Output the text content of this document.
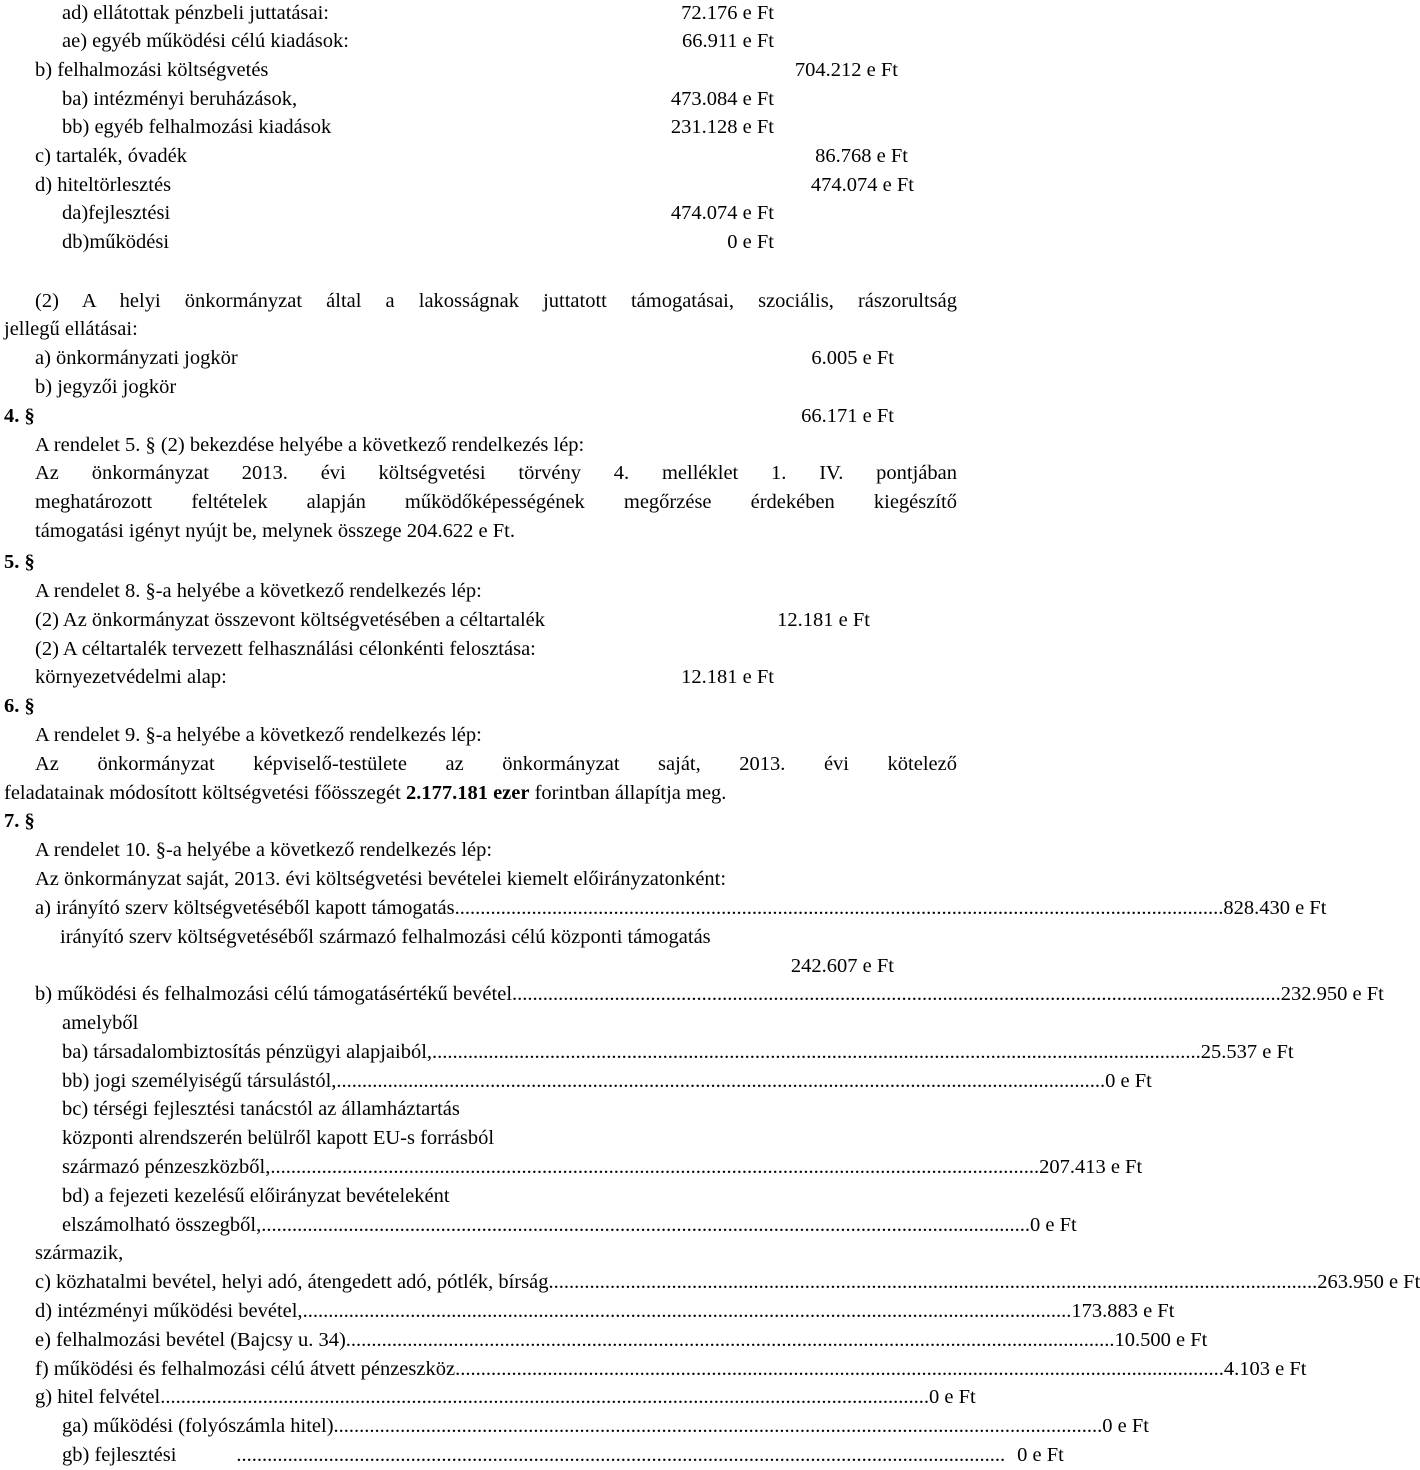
ad) ellátottak pénzbeli juttatásai:	72.176 e Ft
ae) egyéb működési célú kiadások:	66.911 e Ft
b) felhalmozási költségvetés	704.212 e Ft
ba) intézményi beruházások,	473.084 e Ft
bb) egyéb felhalmozási kiadások	231.128 e Ft
c) tartalék, óvadék	86.768 e Ft
d) hiteltörlesztés	474.074 e Ft
da)fejlesztési	474.074 e Ft
db)működési	0 e Ft
(2) A helyi önkormányzat által a lakosságnak juttatott támogatásai, szociális, rászorultság
jellegű ellátásai:
a) önkormányzati jogkör	6.005 e Ft
b) jegyzői jogkör
4. §	66.171 e Ft
A rendelet 5. § (2) bekezdése helyébe a következő rendelkezés lép:
Az önkormányzat 2013. évi költségvetési törvény 4. melléklet 1. IV. pontjában
meghatározott feltételek alapján működőképességének megőrzése érdekében kiegészítő
támogatási igényt nyújt be, melynek összege 204.622 e Ft.
5. §
A rendelet 8. §-a helyébe a következő rendelkezés lép:
(2) Az önkormányzat összevont költségvetésében a céltartalék	12.181 e Ft
(2) A céltartalék tervezett felhasználási célonkénti felosztása:
környezetvédelmi alap:	12.181 e Ft
6. §
A rendelet 9. §-a helyébe a következő rendelkezés lép:
Az önkormányzat képviselő-testülete az önkormányzat saját, 2013. évi kötelező
feladatainak módosított költségvetési főösszegét 2.177.181 ezer forintban állapítja meg.
7. §
A rendelet 10. §-a helyébe a következő rendelkezés lép:
Az önkormányzat saját, 2013. évi költségvetési bevételei kiemelt előirányzatonként:
a) irányító szerv költségvetéséből kapott támogatás ...................................................................................................................................................... 828.430 e Ft
irányító szerv költségvetéséből származó felhalmozási célú központi támogatás
242.607 e Ft
b) működési és felhalmozási célú támogatásértékű bevétel ...................................................................................................................................................... 232.950 e Ft
amelyből
ba) társadalombiztosítás pénzügyi alapjaiból, ...................................................................................................................................................... 25.537 e Ft
bb) jogi személyiségű társulástól, ...................................................................................................................................................... 0 e Ft
bc) térségi fejlesztési tanácstól az államháztartás
központi alrendszerén belülről kapott EU-s forrásból
származó pénzeszközből, ...................................................................................................................................................... 207.413 e Ft
bd) a fejezeti kezelésű előirányzat bevételeként
elszámolható összegből, ...................................................................................................................................................... 0 e Ft
származik,
c) közhatalmi bevétel, helyi adó, átengedett adó, pótlék, bírság ...................................................................................................................................................... 263.950 e Ft
d) intézményi működési bevétel, ...................................................................................................................................................... 173.883 e Ft
e) felhalmozási bevétel (Bajcsy u. 34) ...................................................................................................................................................... 10.500 e Ft
f) működési és felhalmozási célú átvett pénzeszköz ...................................................................................................................................................... 4.103 e Ft
g) hitel felvétel ...................................................................................................................................................... 0 e Ft
ga) működési (folyószámla hitel) ...................................................................................................................................................... 0 e Ft
gb) fejlesztési	...................................................................................................................................................... 0 e Ft
